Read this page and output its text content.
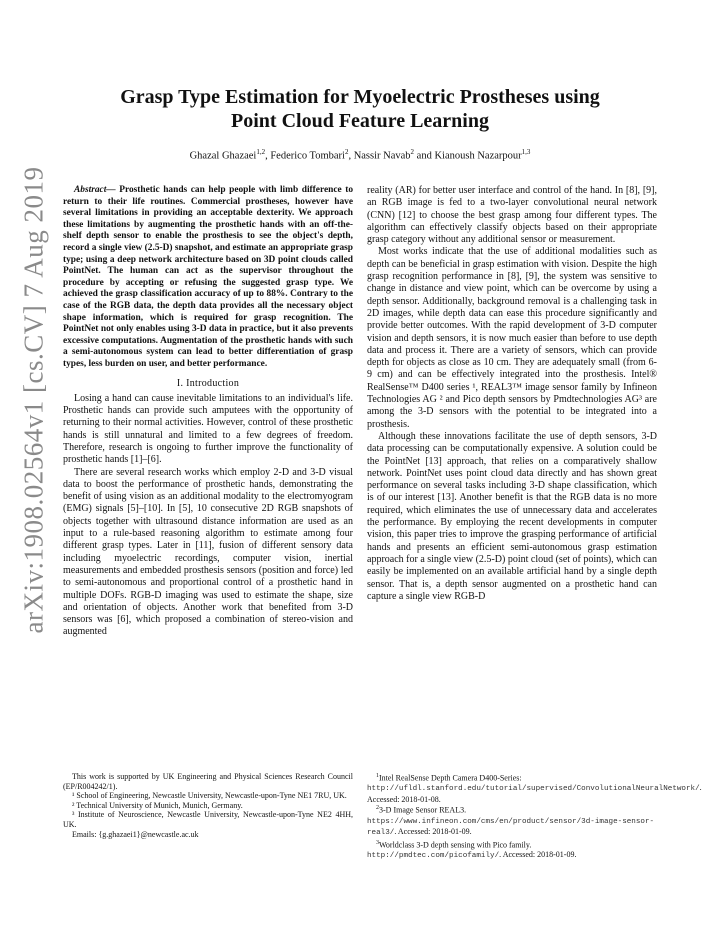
arXiv:1908.02564v1 [cs.CV] 7 Aug 2019
Grasp Type Estimation for Myoelectric Prostheses using Point Cloud Feature Learning
Ghazal Ghazaei$^{1,2}$, Federico Tombari$^2$, Nassir Navab$^2$ and Kianoush Nazarpour$^{1,3}$

Abstract— Prosthetic hands can help people with limb difference to return to their life routines. Commercial prostheses, however have several limitations in providing an acceptable dexterity. We approach these limitations by augmenting the prosthetic hands with an off-the-shelf depth sensor to enable the prosthesis to see the object's depth, record a single view (2.5-D) snapshot, and estimate an appropriate grasp type; using a deep network architecture based on 3D point clouds called PointNet. The human can act as the supervisor throughout the procedure by accepting or refusing the suggested grasp type. We achieved the grasp classification accuracy of up to 88%. Contrary to the case of the RGB data, the depth data provides all the necessary object shape information, which is required for grasp recognition. The PointNet not only enables using 3-D data in practice, but it also prevents excessive computations. Augmentation of the prosthetic hands with such a semi-autonomous system can lead to better differentiation of grasp types, less burden on user, and better performance.

I. Introduction

Losing a hand can cause inevitable limitations to an individual's life. Prosthetic hands can provide such amputees with the opportunity of returning to their normal activities. However, control of these prosthetic hands is still unnatural and limited to a few degrees of freedom. Therefore, research is ongoing to further improve the functionality of prosthetic hands [1]–[6].

There are several research works which employ 2-D and 3-D visual data to boost the performance of prosthetic hands, demonstrating the benefit of using vision as an additional modality to the electromyogram (EMG) signals [5]–[10]. In [5], 10 consecutive 2D RGB snapshots of objects together with ultrasound distance information are used as an input to a rule-based reasoning algorithm to estimate among four different grasp types. Later in [11], fusion of different sensory data including myoelectric recordings, computer vision, inertial measurements and embedded prosthesis sensors (position and force) led to semi-autonomous and proportional control of a prosthetic hand in multiple DOFs. RGB-D imaging was used to estimate the shape, size and orientation of objects. Another work that benefited from 3-D sensors was [6], which proposed a combination of stereo-vision and augmented

reality (AR) for better user interface and control of the hand. In [8], [9], an RGB image is fed to a two-layer convolutional neural network (CNN) [12] to choose the best grasp among four different types. The algorithm can effectively classify objects based on their appropriate grasp category without any additional sensor or measurement.

Most works indicate that the use of additional modalities such as depth can be beneficial in grasp estimation with vision. Despite the high grasp recognition performance in [8], [9], the system was sensitive to change in distance and view point, which can be overcome by using a depth sensor. Additionally, background removal is a challenging task in 2D images, while depth data can ease this procedure significantly and provide better outcomes. With the rapid development of 3-D computer vision and depth sensors, it is now much easier than before to use depth data and process it. There are a variety of sensors, which can provide depth for objects as close as 10 cm. They are adequately small (from 6-9 cm) and can be effectively integrated into the prosthesis. Intel® RealSense™ D400 series ¹, REAL3™ image sensor family by Infineon Technologies AG ² and Pico depth sensors by Pmdtechnologies AG³ are among the 3-D sensors with the potential to be integrated into a prosthesis.

Although these innovations facilitate the use of depth sensors, 3-D data processing can be computationally expensive. A solution could be the PointNet [13] approach, that relies on a comparatively shallow network. PointNet uses point cloud data directly and has shown great performance on several tasks including 3-D shape classification, which is of our interest [13]. Another benefit is that the RGB data is no more required, which eliminates the use of unnecessary data and accelerates the performance. By employing the recent developments in computer vision, this paper tries to improve the grasping performance of artificial hands and presents an efficient semi-autonomous grasp estimation approach for a single view (2.5-D) point cloud (set of points), which can easily be implemented on an available artificial hand by a single depth sensor. That is, a depth sensor augmented on a prosthetic hand can capture a single view RGB-D

This work is supported by UK Engineering and Physical Sciences Research Council (EP/R004242/1).

¹ School of Engineering, Newcastle University, Newcastle-upon-Tyne NE1 7RU, UK.

² Technical University of Munich, Munich, Germany.

³ Institute of Neuroscience, Newcastle University, Newcastle-upon-Tyne NE2 4HH, UK.

Emails: {g.ghazaei1}@newcastle.ac.uk

$^1$Intel RealSense Depth Camera D400-Series:

http://ufldl.stanford.edu/tutorial/supervised/ConvolutionalNeuralNetwork/. Accessed: 2018-01-08.

$^2$3-D Image Sensor REAL3.

https://www.infineon.com/cms/en/product/sensor/3d-image-sensor-real3/. Accessed: 2018-01-09.

$^3$Worldclass 3-D depth sensing with Pico family. http://pmdtec.com/picofamily/. Accessed: 2018-01-09.
